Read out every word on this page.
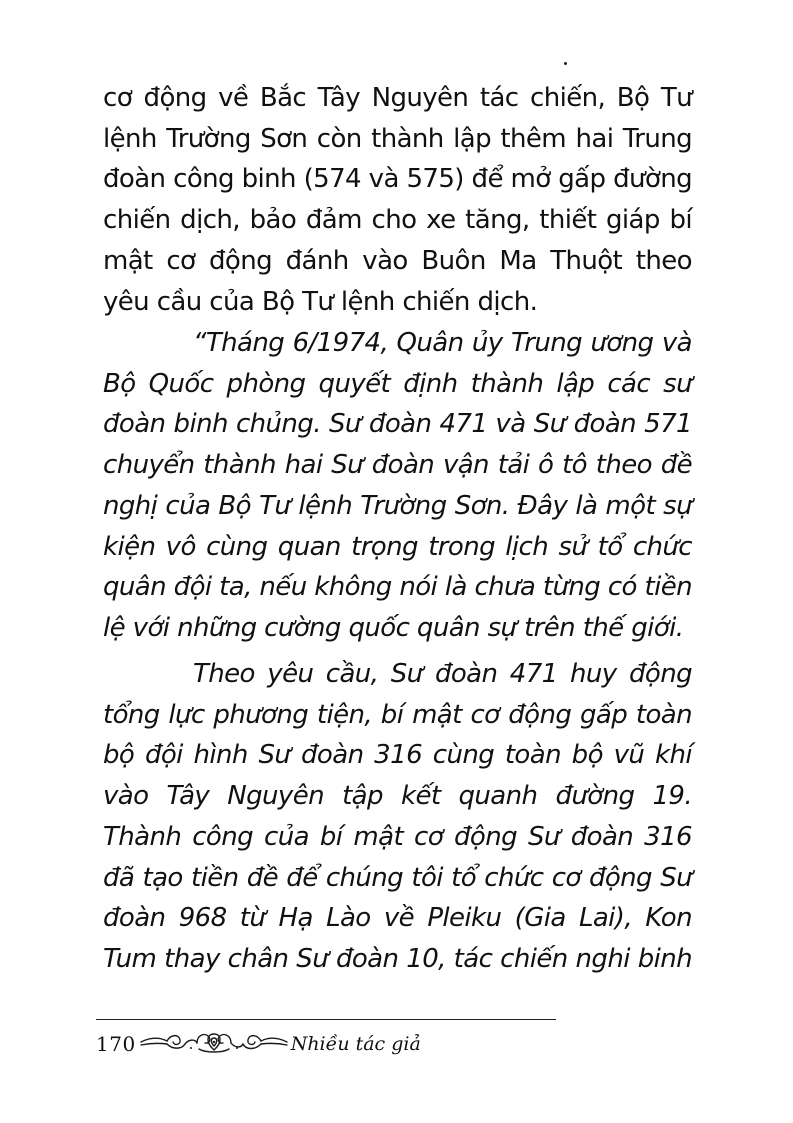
cơ động về Bắc Tây Nguyên tác chiến, Bộ Tư
lệnh Trường Sơn còn thành lập thêm hai Trung
đoàn công binh (574 và 575) để mở gấp đường
chiến dịch, bảo đảm cho xe tăng, thiết giáp bí
mật cơ động đánh vào Buôn Ma Thuột theo
yêu cầu của Bộ Tư lệnh chiến dịch.
“Tháng 6/1974, Quân ủy Trung ương và
Bộ Quốc phòng quyết định thành lập các sư
đoàn binh chủng. Sư đoàn 471 và Sư đoàn 571
chuyển thành hai Sư đoàn vận tải ô tô theo đề
nghị của Bộ Tư lệnh Trường Sơn. Đây là một sự
kiện vô cùng quan trọng trong lịch sử tổ chức
quân đội ta, nếu không nói là chưa từng có tiền
lệ với những cường quốc quân sự trên thế giới.
Theo yêu cầu, Sư đoàn 471 huy động
tổng lực phương tiện, bí mật cơ động gấp toàn
bộ đội hình Sư đoàn 316 cùng toàn bộ vũ khí
vào Tây Nguyên tập kết quanh đường 19.
Thành công của bí mật cơ động Sư đoàn 316
đã tạo tiền đề để chúng tôi tổ chức cơ động Sư
đoàn 968 từ Hạ Lào về Pleiku (Gia Lai), Kon
Tum thay chân Sư đoàn 10, tác chiến nghi binh
170	Nhiều tác giả
